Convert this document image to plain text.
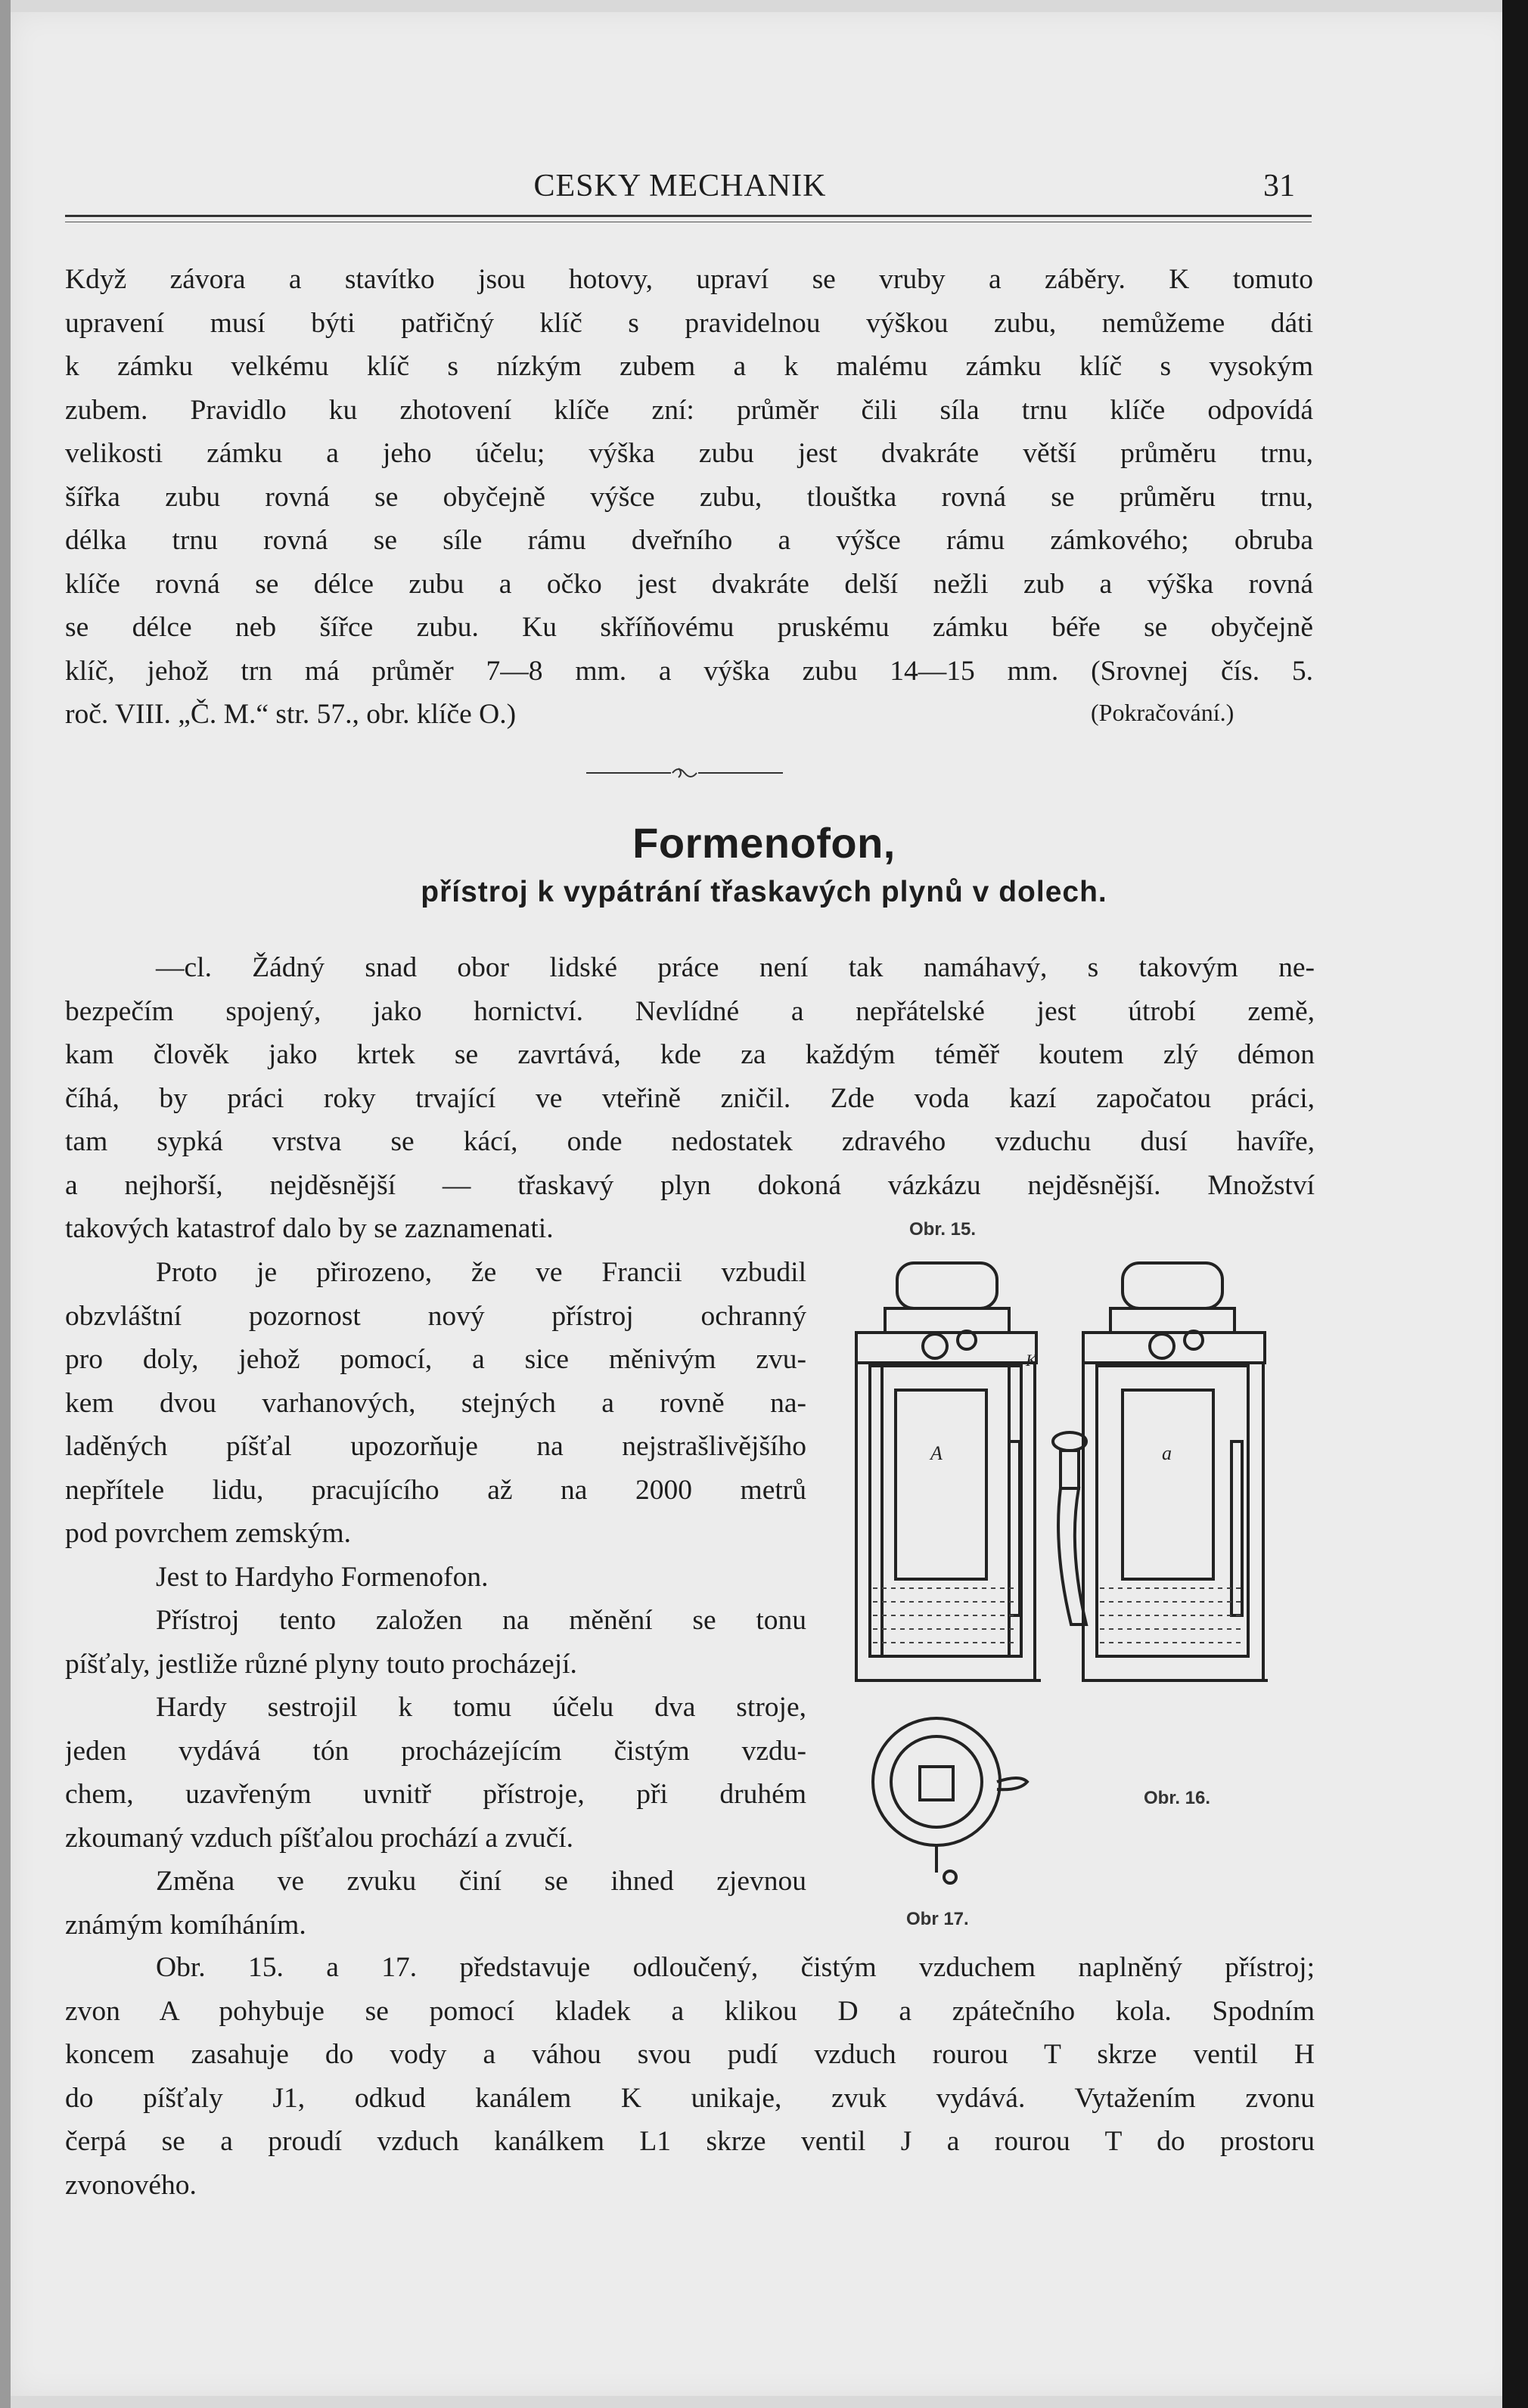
CESKY MECHANIK	31
Když závora a stavítko jsou hotovy, upraví se vruby a záběry. K tomuto
upravení musí býti patřičný klíč s pravidelnou výškou zubu, nemůžeme dáti
k zámku velkému klíč s nízkým zubem a k malému zámku klíč s vysokým
zubem. Pravidlo ku zhotovení klíče zní: průměr čili síla trnu klíče odpovídá
velikosti zámku a jeho účelu; výška zubu jest dvakráte větší průměru trnu,
šířka zubu rovná se obyčejně výšce zubu, tlouštka rovná se průměru trnu,
délka trnu rovná se síle rámu dveřního a výšce rámu zámkového; obruba
klíče rovná se délce zubu a očko jest dvakráte delší nežli zub a výška rovná
se délce neb šířce zubu. Ku skříňovému pruskému zámku béře se obyčejně
klíč, jehož trn má průměr 7—8 mm. a výška zubu 14—15 mm. (Srovnej čís. 5.
roč. VIII. „Č. M.“ str. 57., obr. klíče O.)	(Pokračování.)
Formenofon,
přístroj k vypátrání třaskavých plynů v dolech.
—cl. Žádný snad obor lidské práce není tak namáhavý, s takovým ne-
bezpečím spojený, jako hornictví. Nevlídné a nepřátelské jest útrobí země,
kam člověk jako krtek se zavrtává, kde za každým téměř koutem zlý démon
číhá, by práci roky trvající ve vteřině zničil. Zde voda kazí započatou práci,
tam sypká vrstva se kácí, onde nedostatek zdravého vzduchu dusí havíře,
a nejhorší, nejděsnější — třaskavý plyn dokoná vázkázu nejděsnější. Množství
takových katastrof dalo by se zaznamenati.
Proto je přirozeno, že ve Francii vzbudil
obzvláštní pozornost nový přístroj ochranný
pro doly, jehož pomocí, a sice měnivým zvu-
kem dvou varhanových, stejných a rovně na-
laděných píšťal upozorňuje na nejstrašlivějšího
nepřítele lidu, pracujícího až na 2000 metrů
pod povrchem zemským.
Jest to Hardyho Formenofon.
Přístroj tento založen na měnění se tonu
píšťaly, jestliže různé plyny touto procházejí.
Hardy sestrojil k tomu účelu dva stroje,
jeden vydává tón procházejícím čistým vzdu-
chem, uzavřeným uvnitř přístroje, při druhém
zkoumaný vzduch píšťalou prochází a zvučí.
Změna ve zvuku činí se ihned zjevnou
známým komíháním.
Obr. 15.
A	a
K
Obr. 16.
Obr 17.
Obr. 15. a 17. představuje odloučený, čistým vzduchem naplněný přístroj;
zvon A pohybuje se pomocí kladek a klikou D a zpátečního kola. Spodním
koncem zasahuje do vody a váhou svou pudí vzduch rourou T skrze ventil H
do píšťaly J1, odkud kanálem K unikaje, zvuk vydává. Vytažením zvonu
čerpá se a proudí vzduch kanálkem L1 skrze ventil J a rourou T do prostoru
zvonového.
